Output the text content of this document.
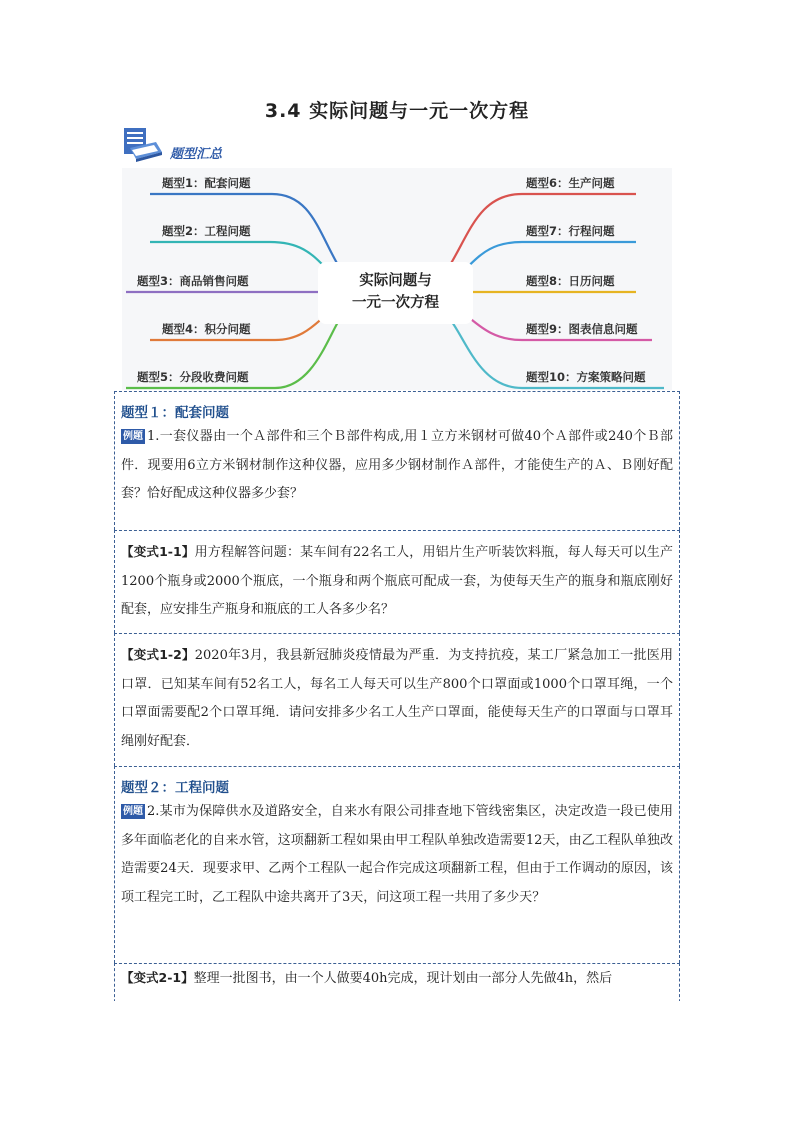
3.4 实际问题与一元一次方程
题型汇总
实际问题与
一元一次方程
题型1：配套问题
题型2：工程问题
题型3：商品销售问题
题型4：积分问题
题型5：分段收费问题
题型6：生产问题
题型7：行程问题
题型8：日历问题
题型9：图表信息问题
题型10：方案策略问题
题型１：配套问题

例题 1.一套仪器由一个Ａ部件和三个Ｂ部件构成,用１立方米钢材可做40个Ａ部件或240个Ｂ部件．现要用6立方米钢材制作这种仪器，应用多少钢材制作Ａ部件，才能使生产的Ａ、Ｂ刚好配套？恰好配成这种仪器多少套？

【变式1-1】用方程解答问题：某车间有22名工人，用铝片生产听装饮料瓶，每人每天可以生产1200个瓶身或2000个瓶底，一个瓶身和两个瓶底可配成一套，为使每天生产的瓶身和瓶底刚好配套，应安排生产瓶身和瓶底的工人各多少名？

【变式1-2】2020年3月，我县新冠肺炎疫情最为严重．为支持抗疫，某工厂紧急加工一批医用口罩．已知某车间有52名工人，每名工人每天可以生产800个口罩面或1000个口罩耳绳，一个口罩面需要配2个口罩耳绳．请问安排多少名工人生产口罩面，能使每天生产的口罩面与口罩耳绳刚好配套．

题型２：工程问题

例题 2.某市为保障供水及道路安全，自来水有限公司排查地下管线密集区，决定改造一段已使用多年面临老化的自来水管，这项翻新工程如果由甲工程队单独改造需要12天，由乙工程队单独改造需要24天．现要求甲、乙两个工程队一起合作完成这项翻新工程，但由于工作调动的原因，该项工程完工时，乙工程队中途共离开了3天，问这项工程一共用了多少天？

【变式2-1】整理一批图书，由一个人做要40h完成，现计划由一部分人先做4h，然后
